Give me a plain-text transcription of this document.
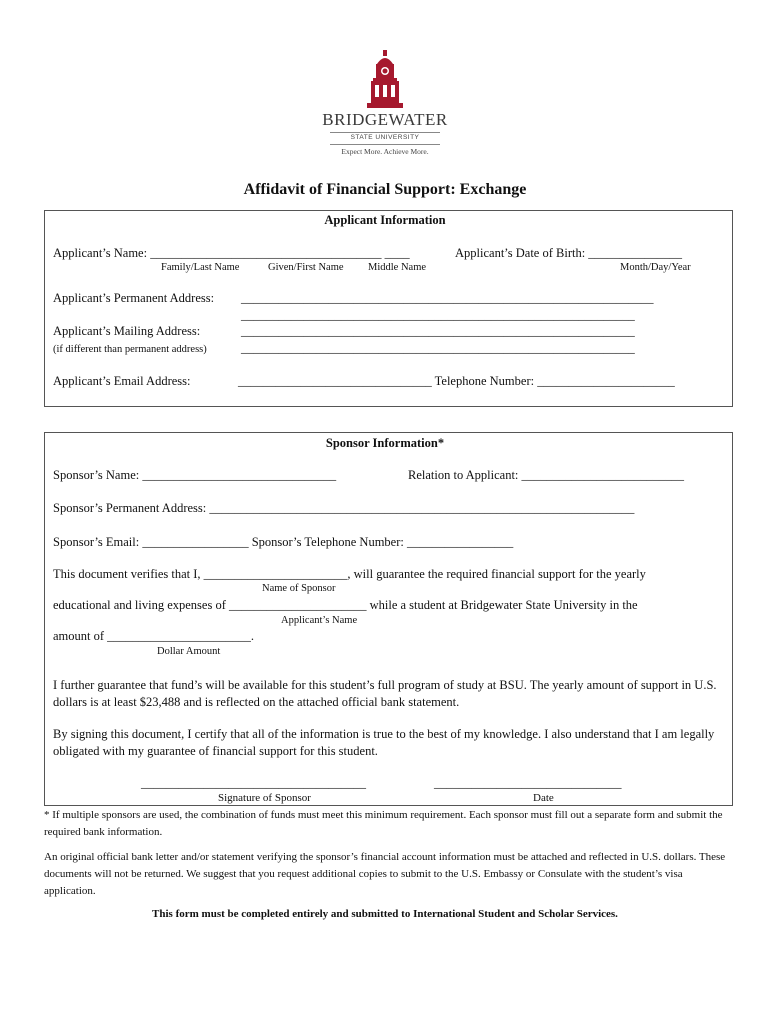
BRIDGEWATER
STATE UNIVERSITY
Expect More. Achieve More.
Affidavit of Financial Support: Exchange
Applicant Information
Applicant’s Name: _____________________________________ ____	Applicant’s Date of Birth: _______________
Family/Last Name	Given/First Name Middle Name	Month/Day/Year
Applicant’s Permanent Address: __________________________________________________________________
_______________________________________________________________
Applicant’s Mailing Address:	_______________________________________________________________
(if different than permanent address)	_______________________________________________________________
Applicant’s Email Address:	_______________________________ Telephone Number: ______________________
Sponsor Information*
Sponsor’s Name: _______________________________	Relation to Applicant: __________________________
Sponsor’s Permanent Address: ____________________________________________________________________
Sponsor’s Email: _________________ Sponsor’s Telephone Number: _________________
This document verifies that I, _______________________, will guarantee the required financial support for the yearly
Name of Sponsor
educational and living expenses of ______________________ while a student at Bridgewater State University in the
Applicant’s Name
amount of _______________________.
Dollar Amount
I further guarantee that fund’s will be available for this student’s full program of study at BSU. The yearly amount of support in U.S. dollars is at least $23,488 and is reflected on the attached official bank statement.
By signing this document, I certify that all of the information is true to the best of my knowledge. I also understand that I am legally obligated with my guarantee of financial support for this student.
____________________________________	______________________________
Signature of Sponsor	Date
* If multiple sponsors are used, the combination of funds must meet this minimum requirement. Each sponsor must fill out a separate form and submit the required bank information.
An original official bank letter and/or statement verifying the sponsor’s financial account information must be attached and reflected in U.S. dollars. These documents will not be returned. We suggest that you request additional copies to submit to the U.S. Embassy or Consulate with the student’s visa application.
This form must be completed entirely and submitted to International Student and Scholar Services.
